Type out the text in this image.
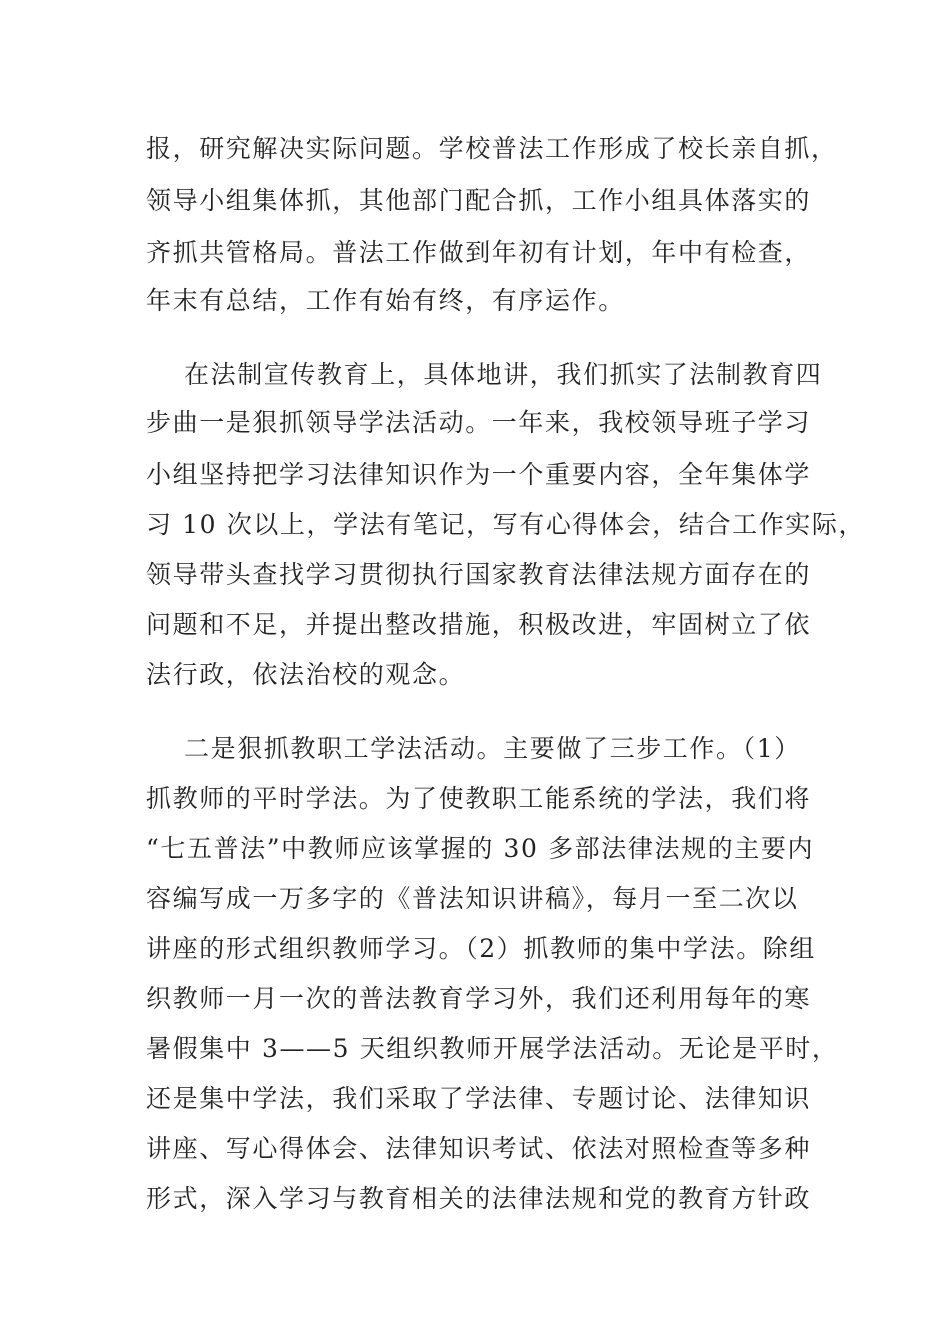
报，研究解决实际问题。学校普法工作形成了校长亲自抓，
领导小组集体抓，其他部门配合抓，工作小组具体落实的
齐抓共管格局。普法工作做到年初有计划，年中有检查，
年末有总结，工作有始有终，有序运作。
在法制宣传教育上，具体地讲，我们抓实了法制教育四
步曲一是狠抓领导学法活动。一年来，我校领导班子学习
小组坚持把学习法律知识作为一个重要内容，全年集体学
习 10 次以上，学法有笔记，写有心得体会，结合工作实际，
领导带头查找学习贯彻执行国家教育法律法规方面存在的
问题和不足，并提出整改措施，积极改进，牢固树立了依
法行政，依法治校的观念。
二是狠抓教职工学法活动。主要做了三步工作。（1）
抓教师的平时学法。为了使教职工能系统的学法，我们将
“七五普法”中教师应该掌握的 30 多部法律法规的主要内
容编写成一万多字的《普法知识讲稿》，每月一至二次以
讲座的形式组织教师学习。（2）抓教师的集中学法。除组
织教师一月一次的普法教育学习外，我们还利用每年的寒
暑假集中 3——5 天组织教师开展学法活动。无论是平时，
还是集中学法，我们采取了学法律、专题讨论、法律知识
讲座、写心得体会、法律知识考试、依法对照检查等多种
形式，深入学习与教育相关的法律法规和党的教育方针政
